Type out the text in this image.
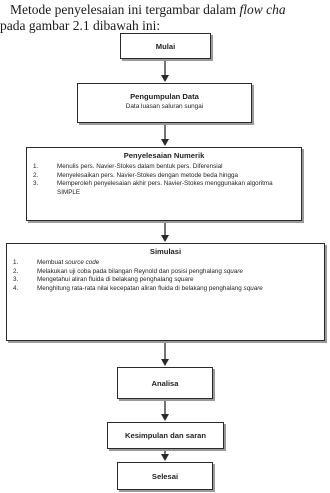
Metode penyelesaian ini tergambar dalam flow cha
pada gambar 2.1 dibawah ini:
Mulai
Pengumpulan Data
Data luasan saluran sungai
Penyelesaian Numerik
1.	Menulis pers. Navier-Stokes dalam bentuk pers. Diferensial
2.	Menyelesaikan pers. Navier-Stokes dengan metode beda hingga
3.	Memperoleh penyelesaian akhir pers. Navier-Stokes menggunakan algoritma SIMPLE
Simulasi
1.	Membuat source code
2.	Melakukan uji coba pada bilangan Reynold dan posisi penghalang square
3.	Mengetahui aliran fluida di belakang penghalang square
4.	Menghitung rata-rata nilai kecepatan aliran fluida di belakang penghalang square
Analisa
Kesimpulan dan saran
Selesai
